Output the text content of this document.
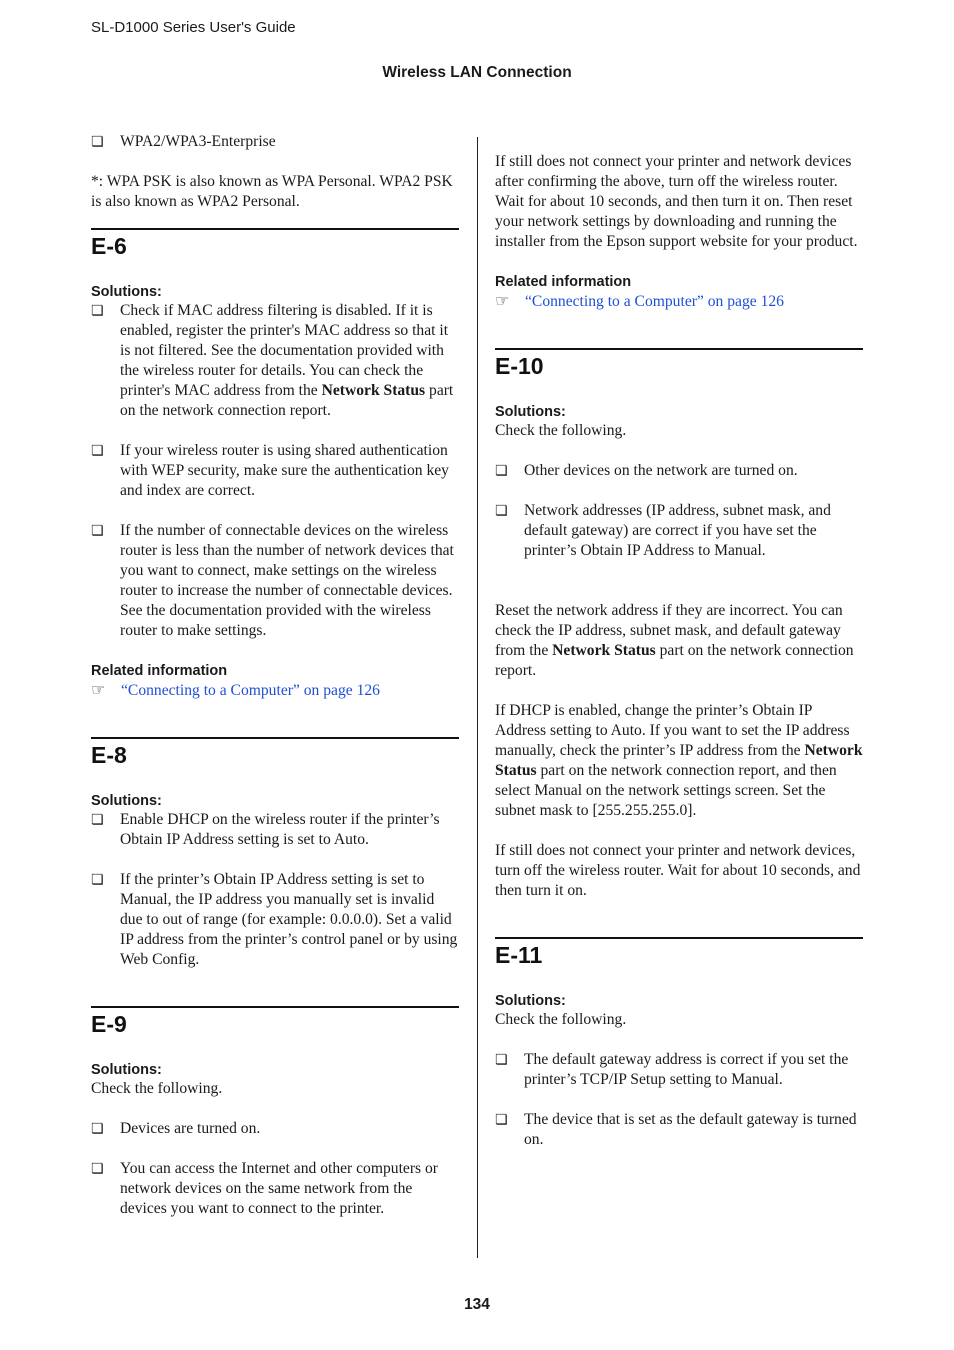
SL-D1000 Series User's Guide
Wireless LAN Connection

❏ WPA2/WPA3-Enterprise

*: WPA PSK is also known as WPA Personal. WPA2 PSK is also known as WPA2 Personal.

E-6
Solutions:

❏ Check if MAC address filtering is disabled. If it is enabled, register the printer's MAC address so that it is not filtered. See the documentation provided with the wireless router for details. You can check the printer's MAC address from the Network Status part on the network connection report.

❏ If your wireless router is using shared authentication with WEP security, make sure the authentication key and index are correct.

❏ If the number of connectable devices on the wireless router is less than the number of network devices that you want to connect, make settings on the wireless router to increase the number of connectable devices. See the documentation provided with the wireless router to make settings.

Related information

☞ “Connecting to a Computer” on page 126

E-8
Solutions:

❏ Enable DHCP on the wireless router if the printer’s Obtain IP Address setting is set to Auto.

❏ If the printer’s Obtain IP Address setting is set to Manual, the IP address you manually set is invalid due to out of range (for example: 0.0.0.0). Set a valid IP address from the printer’s control panel or by using Web Config.

E-9
Solutions:

Check the following.

❏ Devices are turned on.

❏ You can access the Internet and other computers or network devices on the same network from the devices you want to connect to the printer.

If still does not connect your printer and network devices after confirming the above, turn off the wireless router. Wait for about 10 seconds, and then turn it on. Then reset your network settings by downloading and running the installer from the Epson support website for your product.

Related information

☞ “Connecting to a Computer” on page 126

E-10
Solutions:

Check the following.

❏ Other devices on the network are turned on.

❏ Network addresses (IP address, subnet mask, and default gateway) are correct if you have set the printer’s Obtain IP Address to Manual.

Reset the network address if they are incorrect. You can check the IP address, subnet mask, and default gateway from the Network Status part on the network connection report.

If DHCP is enabled, change the printer’s Obtain IP Address setting to Auto. If you want to set the IP address manually, check the printer’s IP address from the Network Status part on the network connection report, and then select Manual on the network settings screen. Set the subnet mask to [255.255.255.0].

If still does not connect your printer and network devices, turn off the wireless router. Wait for about 10 seconds, and then turn it on.

E-11
Solutions:

Check the following.

❏ The default gateway address is correct if you set the printer’s TCP/IP Setup setting to Manual.

❏ The device that is set as the default gateway is turned on.

134
